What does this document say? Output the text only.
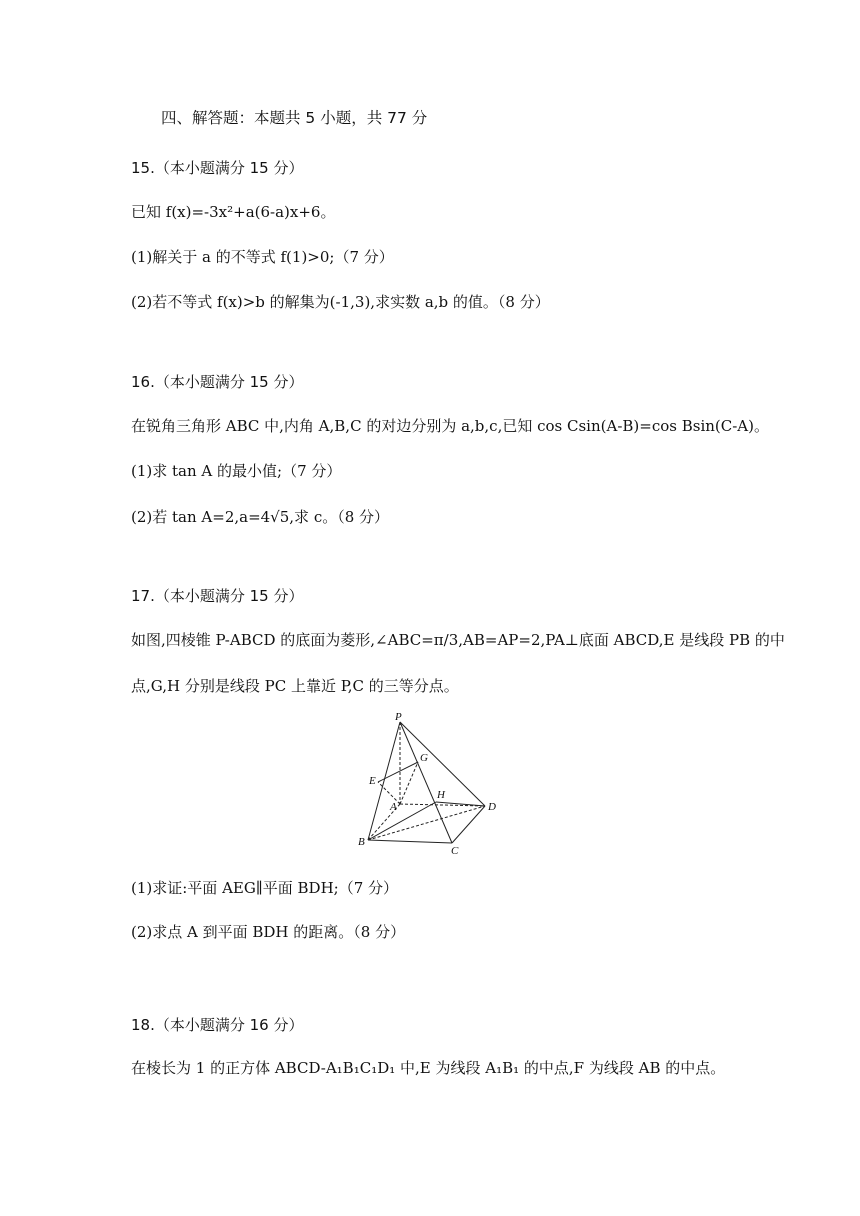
四、解答题：本题共 5 小题，共 77 分
15.（本小题满分 15 分）
已知 f(x)=-3x²+a(6-a)x+6。
(1)解关于 a 的不等式 f(1)>0;（7 分）
(2)若不等式 f(x)>b 的解集为(-1,3),求实数 a,b 的值。（8 分）
16.（本小题满分 15 分）
在锐角三角形 ABC 中,内角 A,B,C 的对边分别为 a,b,c,已知 cos Csin(A-B)=cos Bsin(C-A)。
(1)求 tan A 的最小值;（7 分）
(2)若 tan A=2,a=4√5,求 c。（8 分）
17.（本小题满分 15 分）
如图,四棱锥 P-ABCD 的底面为菱形,∠ABC=π/3,AB=AP=2,PA⊥底面 ABCD,E 是线段 PB 的中
点,G,H 分别是线段 PC 上靠近 P,C 的三等分点。
P
G
E
A
H
D
B
C
(1)求证:平面 AEG∥平面 BDH;（7 分）
(2)求点 A 到平面 BDH 的距离。（8 分）
18.（本小题满分 16 分）
在棱长为 1 的正方体 ABCD-A₁B₁C₁D₁ 中,E 为线段 A₁B₁ 的中点,F 为线段 AB 的中点。
